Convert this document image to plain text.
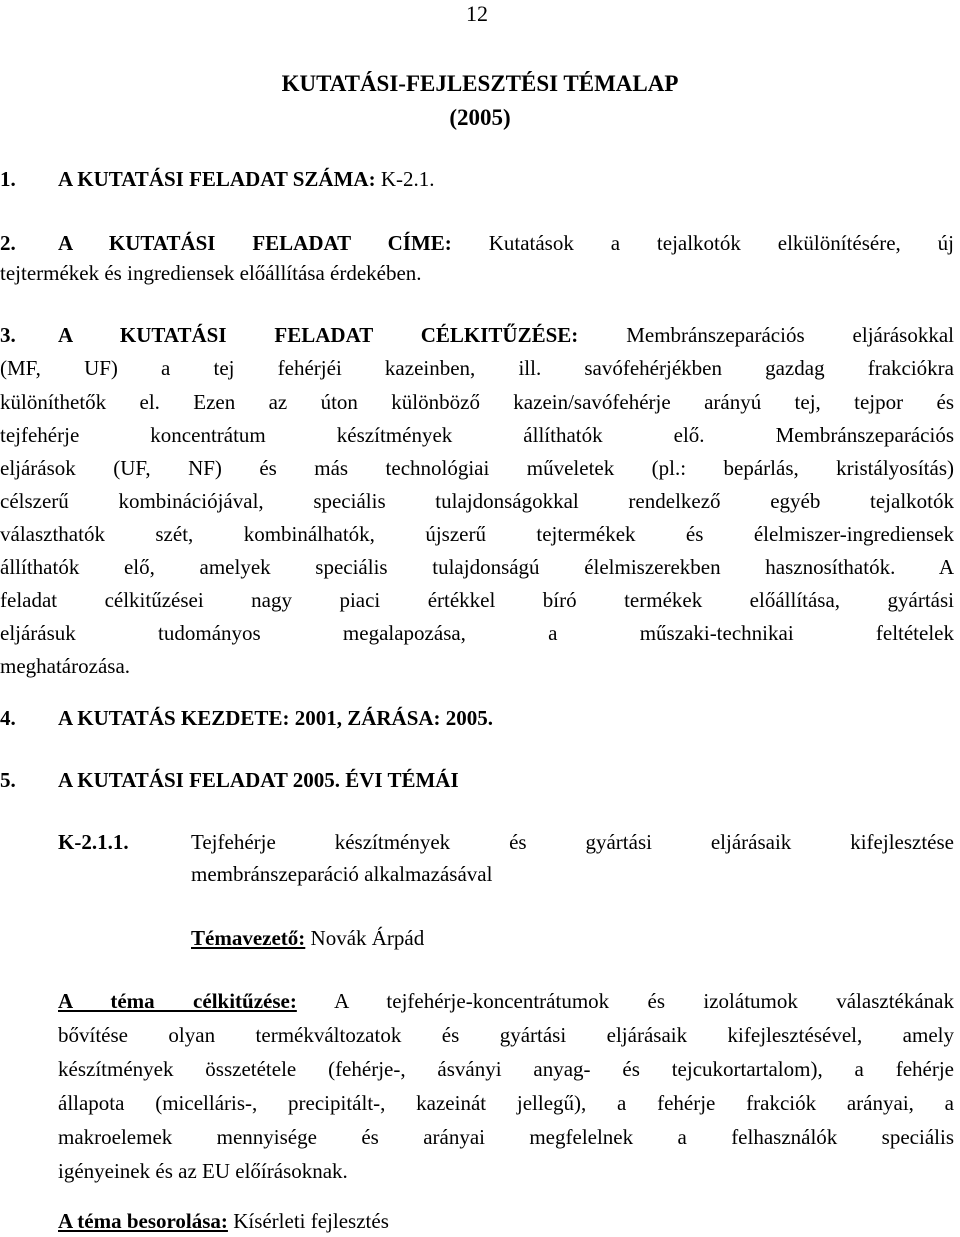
12
KUTATÁSI-FEJLESZTÉSI TÉMALAP
(2005)
1. A KUTATÁSI FELADAT SZÁMA: K-2.1.
2. A KUTATÁSI FELADAT CÍME: Kutatások a tejalkotók elkülönítésére, új
tejtermékek és ingrediensek előállítása érdekében.
3. A KUTATÁSI FELADAT CÉLKITŰZÉSE: Membránszeparációs eljárásokkal
(MF, UF) a tej fehérjéi kazeinben, ill. savófehérjékben gazdag frakciókra
különíthetők el. Ezen az úton különböző kazein/savófehérje arányú tej, tejpor és
tejfehérje koncentrátum készítmények állíthatók elő. Membránszeparációs
eljárások (UF, NF) és más technológiai műveletek (pl.: bepárlás, kristályosítás)
célszerű kombinációjával, speciális tulajdonságokkal rendelkező egyéb tejalkotók
választhatók szét, kombinálhatók, újszerű tejtermékek és élelmiszer-ingrediensek
állíthatók elő, amelyek speciális tulajdonságú élelmiszerekben hasznosíthatók. A
feladat célkitűzései nagy piaci értékkel bíró termékek előállítása, gyártási
eljárásuk tudományos megalapozása, a műszaki-technikai feltételek
meghatározása.
4. A KUTATÁS KEZDETE: 2001, ZÁRÁSA: 2005.
5. A KUTATÁSI FELADAT 2005. ÉVI TÉMÁI
K-2.1.1.	Tejfehérje készítmények és gyártási eljárásaik kifejlesztése
membránszeparáció alkalmazásával
Témavezető: Novák Árpád
A téma célkitűzése: A tejfehérje-koncentrátumok és izolátumok választékának
bővítése olyan termékváltozatok és gyártási eljárásaik kifejlesztésével, amely
készítmények összetétele (fehérje-, ásványi anyag- és tejcukortartalom), a fehérje
állapota (micelláris-, precipitált-, kazeinát jellegű), a fehérje frakciók arányai, a
makroelemek mennyisége és arányai megfelelnek a felhasználók speciális
igényeinek és az EU előírásoknak.
A téma besorolása: Kísérleti fejlesztés
